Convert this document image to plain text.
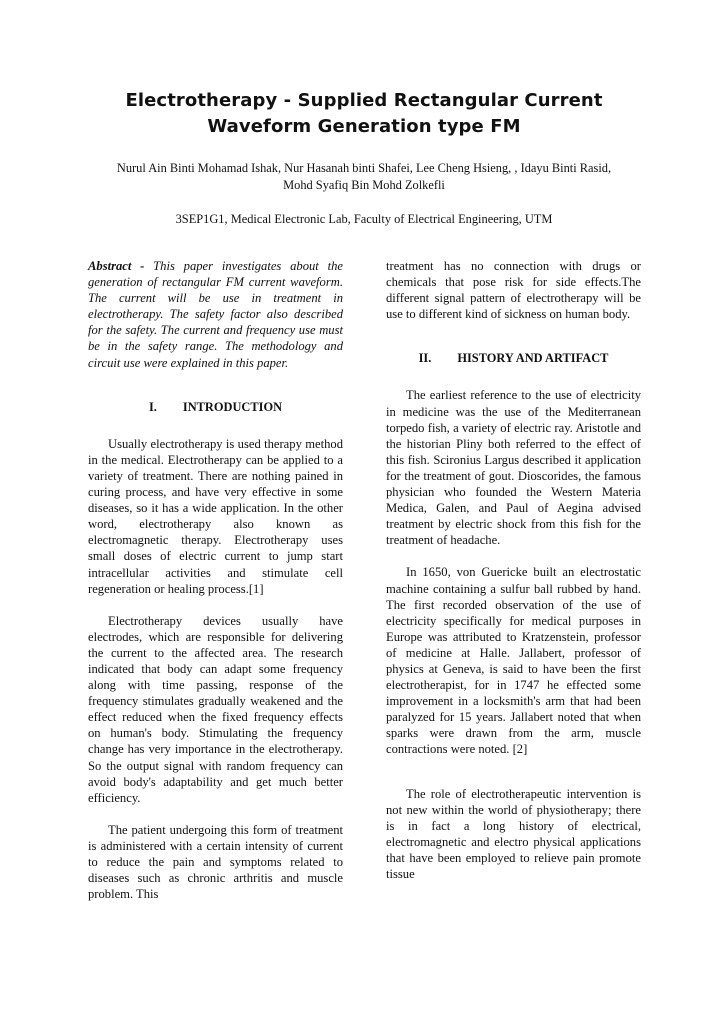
Electrotherapy - Supplied Rectangular Current
Waveform Generation type FM
Nurul Ain Binti Mohamad Ishak, Nur Hasanah binti Shafei, Lee Cheng Hsieng, , Idayu Binti Rasid,
Mohd Syafiq Bin Mohd Zolkefli
3SEP1G1, Medical Electronic Lab, Faculty of Electrical Engineering, UTM

Abstract - This paper investigates about the generation of rectangular FM current waveform. The current will be use in treatment in electrotherapy. The safety factor also described for the safety. The current and frequency use must be in the safety range. The methodology and circuit use were explained in this paper.

I. INTRODUCTION

Usually electrotherapy is used therapy method in the medical. Electrotherapy can be applied to a variety of treatment. There are nothing pained in curing process, and have very effective in some diseases, so it has a wide application. In the other word, electrotherapy also known as electromagnetic therapy. Electrotherapy uses small doses of electric current to jump start intracellular activities and stimulate cell regeneration or healing process.[1]

Electrotherapy devices usually have electrodes, which are responsible for delivering the current to the affected area. The research indicated that body can adapt some frequency along with time passing, response of the frequency stimulates gradually weakened and the effect reduced when the fixed frequency effects on human's body. Stimulating the frequency change has very importance in the electrotherapy. So the output signal with random frequency can avoid body's adaptability and get much better efficiency.

The patient undergoing this form of treatment is administered with a certain intensity of current to reduce the pain and symptoms related to diseases such as chronic arthritis and muscle problem. This

treatment has no connection with drugs or chemicals that pose risk for side effects.The different signal pattern of electrotherapy will be use to different kind of sickness on human body.

II. HISTORY AND ARTIFACT

The earliest reference to the use of electricity in medicine was the use of the Mediterranean torpedo fish, a variety of electric ray. Aristotle and the historian Pliny both referred to the effect of this fish. Scironius Largus described it application for the treatment of gout. Dioscorides, the famous physician who founded the Western Materia Medica, Galen, and Paul of Aegina advised treatment by electric shock from this fish for the treatment of headache.

In 1650, von Guericke built an electrostatic machine containing a sulfur ball rubbed by hand. The first recorded observation of the use of electricity specifically for medical purposes in Europe was attributed to Kratzenstein, professor of medicine at Halle. Jallabert, professor of physics at Geneva, is said to have been the first electrotherapist, for in 1747 he effected some improvement in a locksmith's arm that had been paralyzed for 15 years. Jallabert noted that when sparks were drawn from the arm, muscle contractions were noted. [2]

The role of electrotherapeutic intervention is not new within the world of physiotherapy; there is in fact a long history of electrical, electromagnetic and electro physical applications that have been employed to relieve pain promote tissue
